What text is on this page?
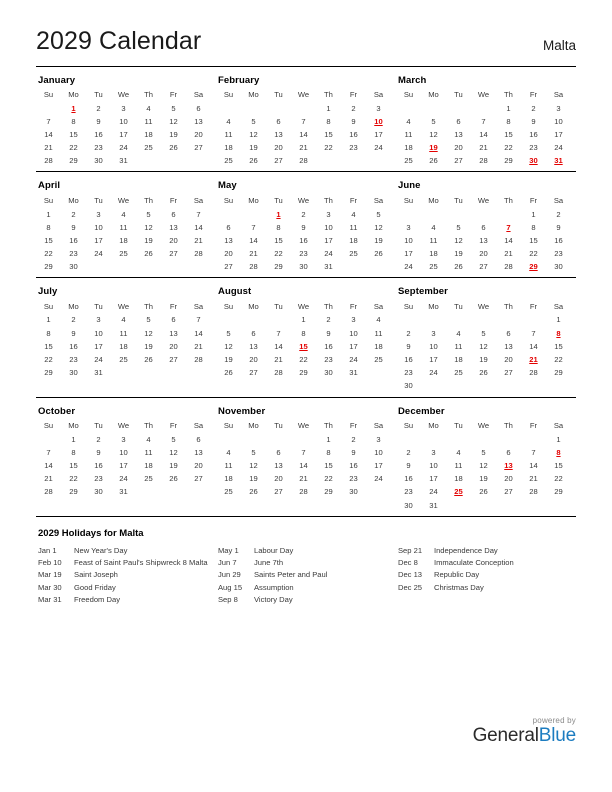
2029 Calendar	Malta
January
Su	Mo	Tu	We	Th	Fr	Sa
	1	2	3	4	5	6
7	8	9	10	11	12	13
14	15	16	17	18	19	20
21	22	23	24	25	26	27
28	29	30	31			
February
Su	Mo	Tu	We	Th	Fr	Sa
				1	2	3
4	5	6	7	8	9	10
11	12	13	14	15	16	17
18	19	20	21	22	23	24
25	26	27	28			
March
Su	Mo	Tu	We	Th	Fr	Sa
				1	2	3
4	5	6	7	8	9	10
11	12	13	14	15	16	17
18	19	20	21	22	23	24
25	26	27	28	29	30	31
April
Su	Mo	Tu	We	Th	Fr	Sa
1	2	3	4	5	6	7
8	9	10	11	12	13	14
15	16	17	18	19	20	21
22	23	24	25	26	27	28
29	30					
May
Su	Mo	Tu	We	Th	Fr	Sa
		1	2	3	4	5
6	7	8	9	10	11	12
13	14	15	16	17	18	19
20	21	22	23	24	25	26
27	28	29	30	31		
June
Su	Mo	Tu	We	Th	Fr	Sa
					1	2
3	4	5	6	7	8	9
10	11	12	13	14	15	16
17	18	19	20	21	22	23
24	25	26	27	28	29	30
July
Su	Mo	Tu	We	Th	Fr	Sa
1	2	3	4	5	6	7
8	9	10	11	12	13	14
15	16	17	18	19	20	21
22	23	24	25	26	27	28
29	30	31				
August
Su	Mo	Tu	We	Th	Fr	Sa
			1	2	3	4
5	6	7	8	9	10	11
12	13	14	15	16	17	18
19	20	21	22	23	24	25
26	27	28	29	30	31	
September
Su	Mo	Tu	We	Th	Fr	Sa
						1
2	3	4	5	6	7	8
9	10	11	12	13	14	15
16	17	18	19	20	21	22
23	24	25	26	27	28	29
30						
October
Su	Mo	Tu	We	Th	Fr	Sa
	1	2	3	4	5	6
7	8	9	10	11	12	13
14	15	16	17	18	19	20
21	22	23	24	25	26	27
28	29	30	31			
November
Su	Mo	Tu	We	Th	Fr	Sa
				1	2	3
4	5	6	7	8	9	10
11	12	13	14	15	16	17
18	19	20	21	22	23	24
25	26	27	28	29	30	
December
Su	Mo	Tu	We	Th	Fr	Sa
						1
2	3	4	5	6	7	8
9	10	11	12	13	14	15
16	17	18	19	20	21	22
23	24	25	26	27	28	29
30	31					
2029 Holidays for Malta
Jan 1	New Year's Day
Feb 10	Feast of Saint Paul's Shipwreck 8 Malta
Mar 19	Saint Joseph
Mar 30	Good Friday
Mar 31	Freedom Day
May 1	Labour Day
Jun 7	June 7th
Jun 29	Saints Peter and Paul
Aug 15	Assumption
Sep 8	Victory Day
Sep 21	Independence Day
Dec 8	Immaculate Conception
Dec 13	Republic Day
Dec 25	Christmas Day
powered by
GeneralBlue
